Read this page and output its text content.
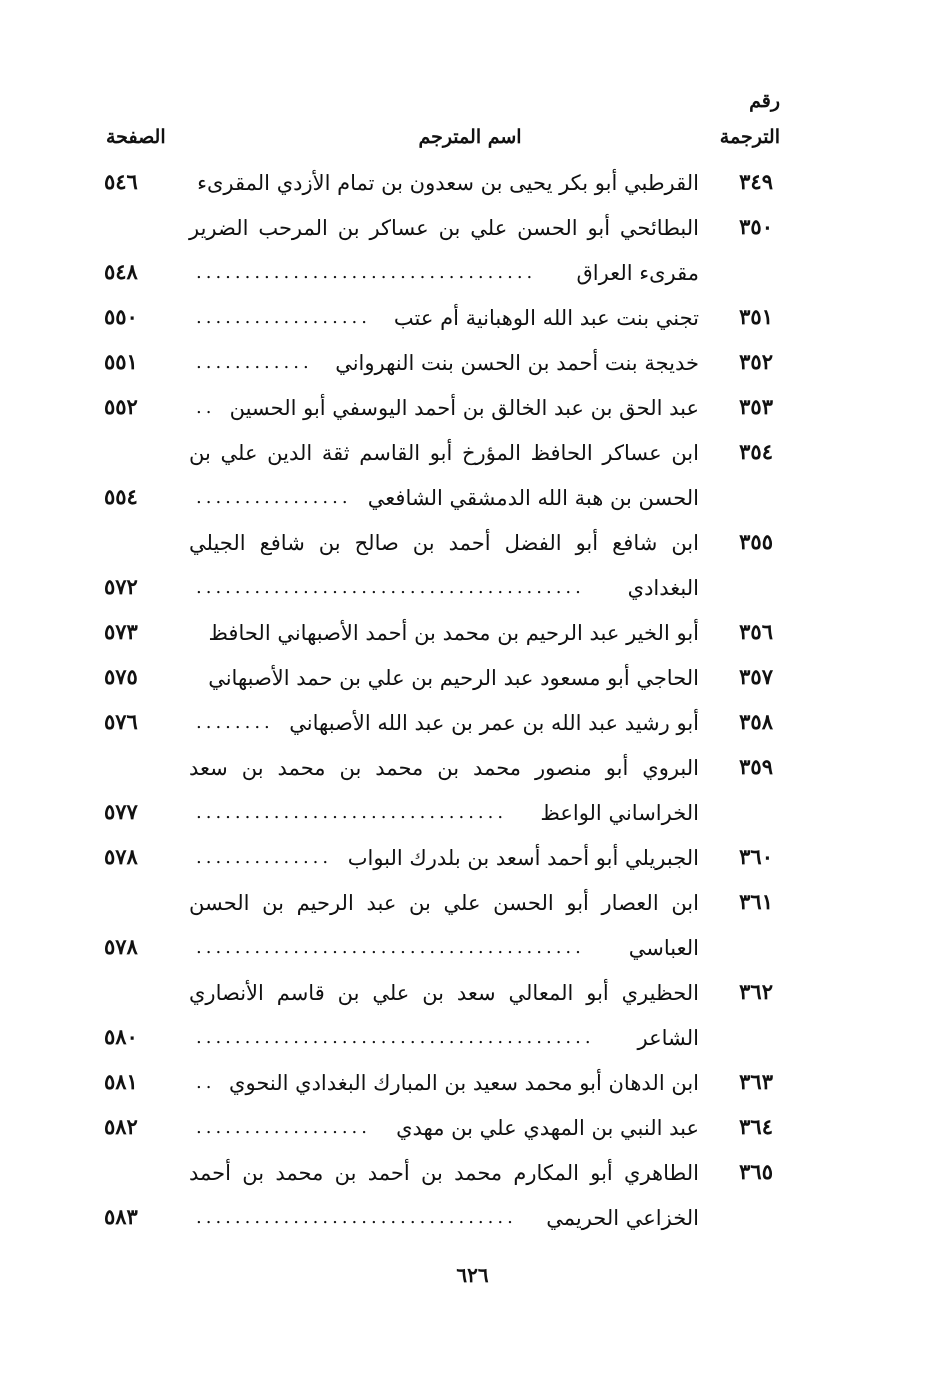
رقم
الترجمة
اسم المترجم
الصفحة
٣٤٩
القرطبي أبو بكر يحيى بن سعدون بن تمام الأزدي المقرىء
٥٤٦
٣٥٠
البطائحي أبو الحسن علي بن عساكر بن المرحب الضرير
مقرىء العراق
...................................
٥٤٨
٣٥١
تجني بنت عبد الله الوهبانية أم عتب
..................
٥٥٠
٣٥٢
خديجة بنت أحمد بن الحسن بنت النهرواني
............
٥٥١
٣٥٣
عبد الحق بن عبد الخالق بن أحمد اليوسفي أبو الحسين
..
٥٥٢
٣٥٤
ابن عساكر الحافظ المؤرخ أبو القاسم ثقة الدين علي بن
الحسن بن هبة الله الدمشقي الشافعي
................
٥٥٤
٣٥٥
ابن شافع أبو الفضل أحمد بن صالح بن شافع الجيلي
البغدادي
........................................
٥٧٢
٣٥٦
أبو الخير عبد الرحيم بن محمد بن أحمد الأصبهاني الحافظ
٥٧٣
٣٥٧
الحاجي أبو مسعود عبد الرحيم بن علي بن حمد الأصبهاني
٥٧٥
٣٥٨
أبو رشيد عبد الله بن عمر بن عبد الله الأصبهاني
........
٥٧٦
٣٥٩
البروي أبو منصور محمد بن محمد بن محمد بن سعد
الخراساني الواعظ
................................
٥٧٧
٣٦٠
الجبريلي أبو أحمد أسعد بن بلدرك البواب
..............
٥٧٨
٣٦١
ابن العصار أبو الحسن علي بن عبد الرحيم بن الحسن
العباسي
........................................
٥٧٨
٣٦٢
الحظيري أبو المعالي سعد بن علي بن قاسم الأنصاري
الشاعر
.........................................
٥٨٠
٣٦٣
ابن الدهان أبو محمد سعيد بن المبارك البغدادي النحوي
..
٥٨١
٣٦٤
عبد النبي بن المهدي علي بن مهدي
..................
٥٨٢
٣٦٥
الطاهري أبو المكارم محمد بن أحمد بن محمد بن أحمد
الخزاعي الحريمي
.................................
٥٨٣
٦٢٦
